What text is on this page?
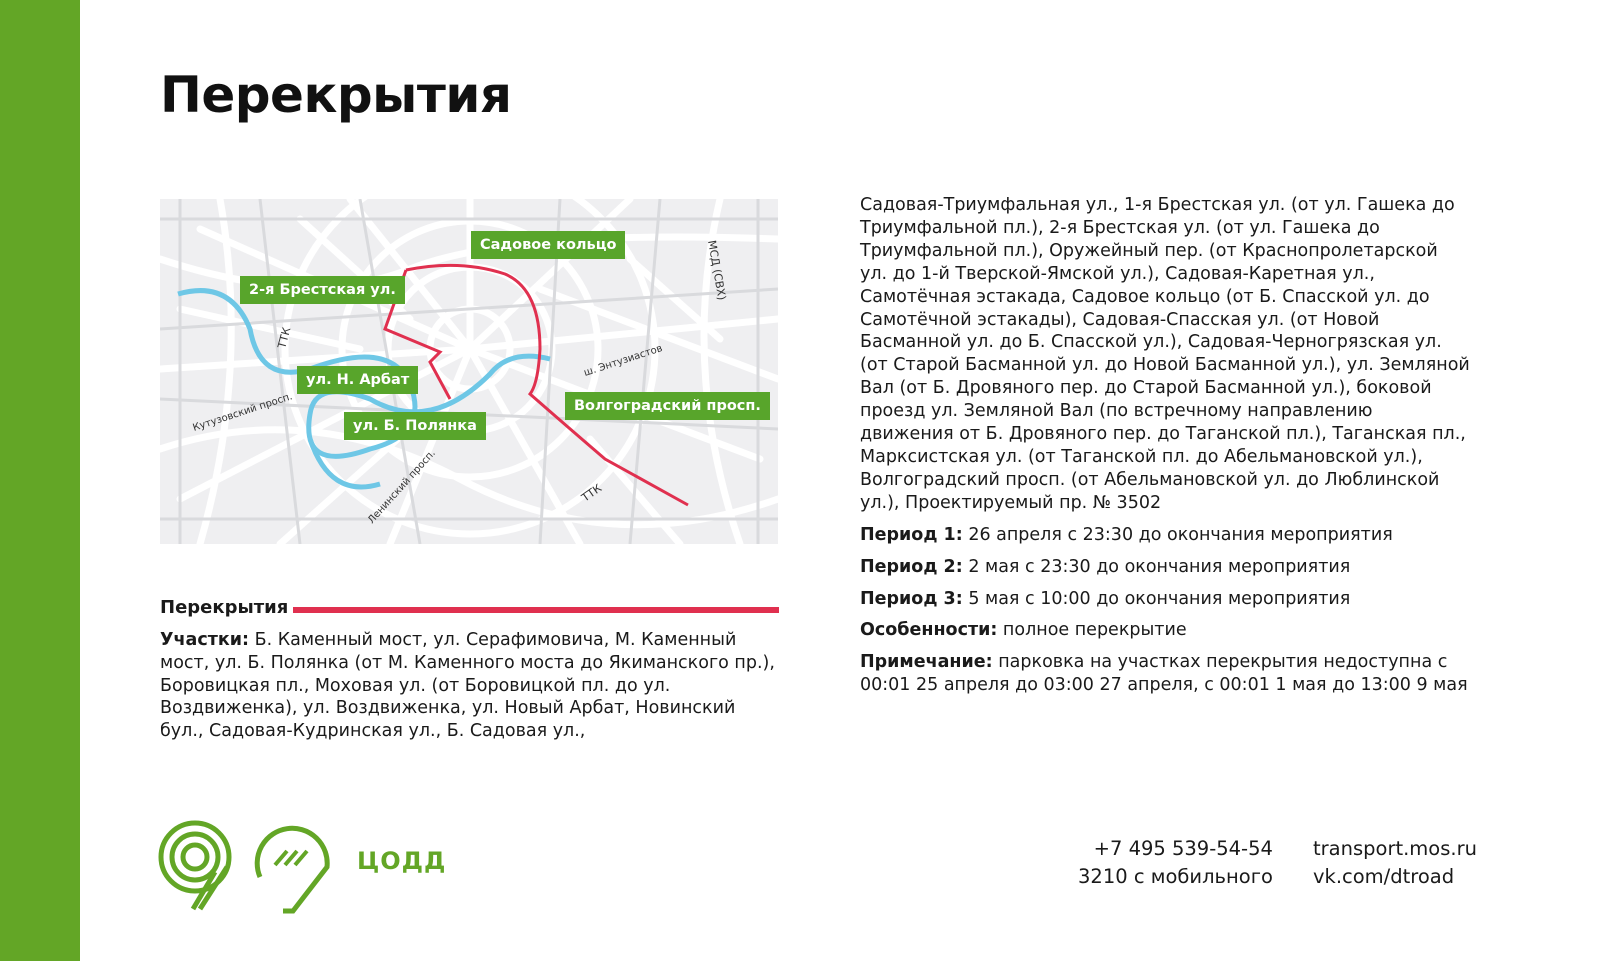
Перекрытия
ТТК
ТТК
МСД (СВХ)
ш. Энтузиастов
Кутузовский просп.
Ленинский просп.
Садовое кольцо
2-я Брестская ул.
ул. Н. Арбат
ул. Б. Полянка
Волгоградский просп.
Перекрытия
Участки: Б. Каменный мост, ул. Серафимовича, М. Каменный мост, ул. Б. Полянка (от М. Каменного моста до Якиманского пр.), Боровицкая пл., Моховая ул. (от Боровицкой пл. до ул. Воздвиженка), ул. Воздвиженка, ул. Новый Арбат, Новинский бул., Садовая-Кудринская ул., Б. Садовая ул.,

Садовая-Триумфальная ул., 1-я Брестская ул. (от ул. Гашека до Триумфальной пл.), 2-я Брестская ул. (от ул. Гашека до Триумфальной пл.), Оружейный пер. (от Краснопролетарской ул. до 1-й Тверской-Ямской ул.), Садовая-Каретная ул., Самотёчная эстакада, Садовое кольцо (от Б. Спасской ул. до Самотёчной эстакады), Садовая-Спасская ул. (от Новой Басманной ул. до Б. Спасской ул.), Садовая-Черногрязская ул. (от Старой Басманной ул. до Новой Басманной ул.), ул. Земляной Вал (от Б. Дровяного пер. до Старой Басманной ул.), боковой проезд ул. Земляной Вал (по встречному направлению движения от Б. Дровяного пер. до Таганской пл.), Таганская пл., Марксистская ул. (от Таганской пл. до Абельмановской ул.), Волгоградский просп. (от Абельмановской ул. до Люблинской ул.), Проектируемый пр. № 3502

Период 1: 26 апреля с 23:30 до окончания мероприятия

Период 2: 2 мая с 23:30 до окончания мероприятия

Период 3: 5 мая с 10:00 до окончания мероприятия

Особенности: полное перекрытие

Примечание: парковка на участках перекрытия недоступна с 00:01 25 апреля до 03:00 27 апреля, с 00:01 1 мая до 13:00 9 мая

ЦОДД	+7 495 539-54-54
3210 с мобильного
transport.mos.ru
vk.com/dtroad
